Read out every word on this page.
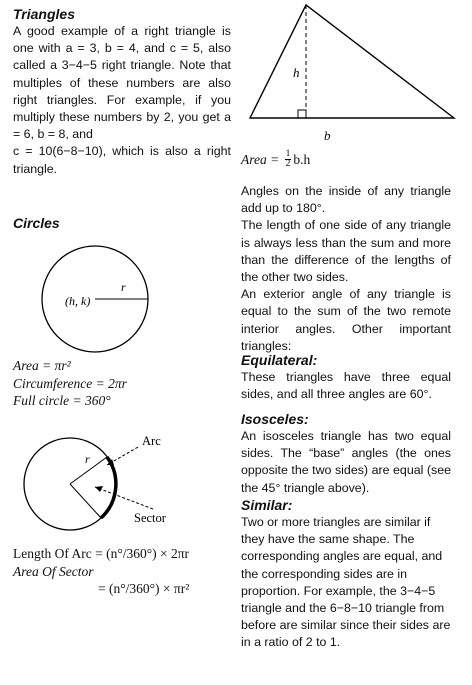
Triangles

A good example of a right triangle is one with a = 3, b = 4, and c = 5, also called a 3−4−5 right triangle. Note that multiples of these numbers are also right triangles. For example, if you multiply these numbers by 2, you get a = 6, b = 8, and

c = 10(6−8−10), which is also a right triangle.

Circles

r
(h, k)

Area = πr²

Circumference = 2πr

Full circle = 360°

r
Arc
Sector

Length Of Arc = (n°/360°) × 2πr

Area Of Sector

= (n°/360°) × πr²

h
b
Area = $\frac{1}{2} b.h$

Angles on the inside of any triangle add up to 180°.

The length of one side of any triangle is always less than the sum and more than the difference of the lengths of the other two sides.

An exterior angle of any triangle is equal to the sum of the two remote interior angles. Other important triangles:

Equilateral:

These triangles have three equal sides, and all three angles are 60°.

Isosceles:

An isosceles triangle has two equal sides. The “base” angles (the ones opposite the two sides) are equal (see the 45° triangle above).

Similar:

Two or more triangles are similar if they have the same shape. The corresponding angles are equal, and the corresponding sides are in proportion. For example, the 3−4−5 triangle and the 6−8−10 triangle from before are similar since their sides are in a ratio of 2 to 1.
